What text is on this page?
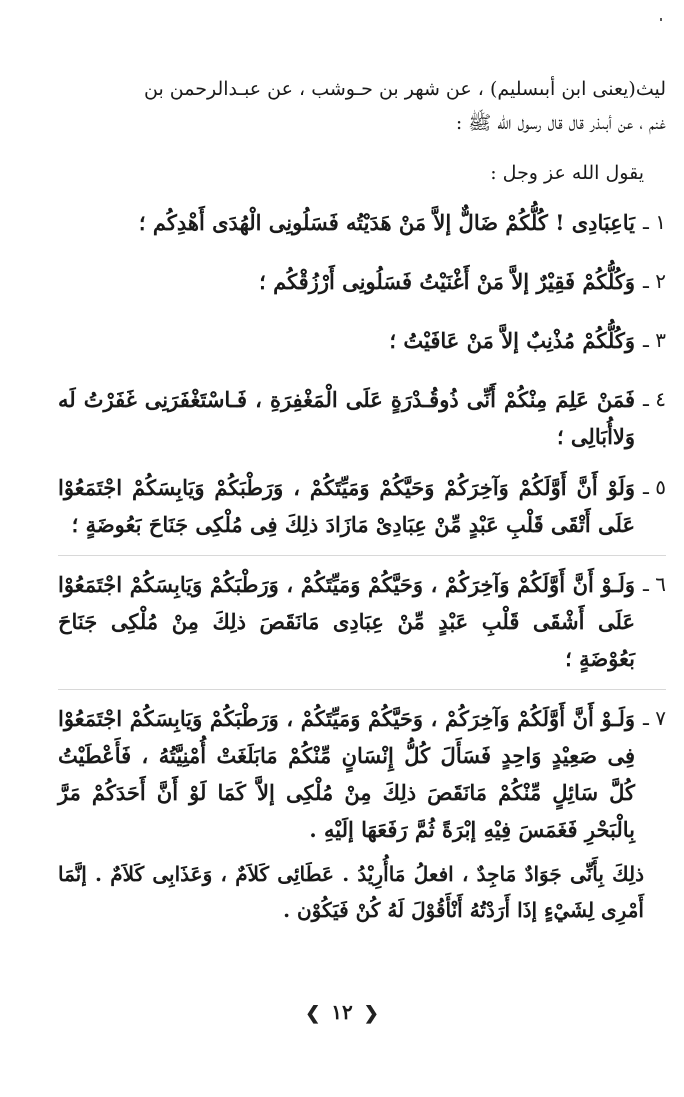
ليث(يعنى ابن أبىسليم) ، عن شهر بن حـوشب ، عن عبـدالرحمن بن

غنم ، عن أبىذر قال قال رسول الله ﷺ :

يقول الله عز وجل :
١ ـ
يَاعِبَادِى ! كُلُّكُمْ ضَالٌّ إلاَّ مَنْ هَدَيْتُه فَسَلُونِى الْهُدَى أَهْدِكُم ؛
٢ ـ
وَكُلُّكُمْ فَقِيْرٌ إلاَّ مَنْ أَغْنَيْتُ فَسَلُونِى أَرْزُقْكُم ؛
٣ ـ
وَكُلُّكُمْ مُذْنِبٌ إلاَّ مَنْ عَافَيْتُ ؛
٤ ـ
فَمَنْ عَلِمَ مِنْكُمْ أَنِّى ذُوقُـدْرَةٍ عَلَى الْمَغْفِرَةِ ، فَـاسْتَغْفَرَنِى غَفَرْتُ لَه وَلاأُبَالِى ؛
٥ ـ
وَلَوْ أَنَّ أَوَّلَكُمْ وَآخِرَكُمْ وَحَيَّكُمْ وَمَيِّتَكُمْ ، وَرَطْبَكُمْ وَيَابِسَكُمْ اجْتَمَعُوْا عَلَى أَتْقَى قَلْبِ عَبْدٍ مِّنْ عِبَادِىْ مَازَادَ ذلِكَ فِى مُلْكِى جَنَاحَ بَعُوضَةٍ ؛
٦ ـ
وَلَـوْ أَنَّ أَوَّلَكُمْ وَآخِرَكُمْ ، وَحَيَّكُمْ وَمَيِّتَكُمْ ، وَرَطْبَكُمْ وَيَابِسَكُمْ اجْتَمَعُوْا عَلَى أَشْقَى قَلْبِ عَبْدٍ مِّنْ عِبَادِى مَانَقَصَ ذلِكَ مِنْ مُلْكِى جَنَاحَ بَعُوْضَةٍ ؛
٧ ـ
وَلَـوْ أَنَّ أَوَّلَكُمْ وَآخِرَكُمْ ، وَحَيَّكُمْ وَمَيِّتَكُمْ ، وَرَطْبَكُمْ وَيَابِسَكُمْ اجْتَمَعُوْا فِى صَعِيْدٍ وَاحِدٍ فَسَأَلَ كُلُّ إِنْسَانٍ مِّنْكُمْ مَابَلَغَتْ أُمْنِيَّتُهُ ، فَأَعْطَيْتُ كُلَّ سَائِلٍ مِّنْكُمْ مَانَقَصَ ذلِكَ مِنْ مُلْكِى إلاَّ كَمَا لَوْ أَنَّ أَحَدَكُمْ مَرَّ بِالْبَحْرِ فَغَمَسَ فِيْهِ إبْرَةً ثُمَّ رَفَعَهَا إلَيْهِ .
ذلِكَ بِأَنِّى جَوَادٌ مَاجِدٌ ، افعلُ مَاأُرِيْدُ . عَطَائِى كَلاَمٌ ، وَعَذَابِى كَلاَمٌ . إنَّمَا أَمْرِى لِشَيْءٍ إذَا أَرَدْتُهُ أَنْأَقُوْلَ لَهُ كُنْ فَيَكُوْن .
❮ ١٢ ❯
